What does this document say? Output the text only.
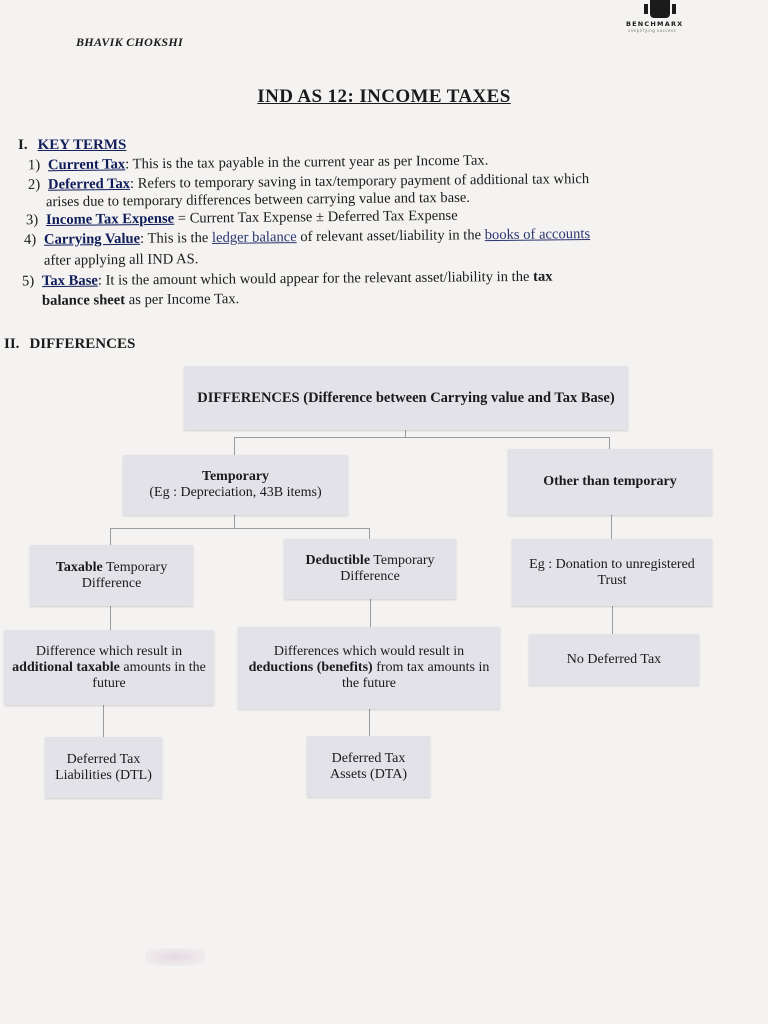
BHAVIK CHOKSHI
BENCHMARX
simplifying success
IND AS 12: INCOME TAXES
I. KEY TERMS
1) Current Tax: This is the tax payable in the current year as per Income Tax.
2) Deferred Tax: Refers to temporary saving in tax/temporary payment of additional tax which
arises due to temporary differences between carrying value and tax base.
3) Income Tax Expense = Current Tax Expense ± Deferred Tax Expense
4) Carrying Value: This is the ledger balance of relevant asset/liability in the books of accounts
after applying all IND AS.
5) Tax Base: It is the amount which would appear for the relevant asset/liability in the tax
balance sheet as per Income Tax.
II. DIFFERENCES
DIFFERENCES (Difference between Carrying value and Tax Base)
Temporary
(Eg : Depreciation, 43B items)
Other than temporary
Taxable Temporary Difference
Deductible Temporary Difference
Eg : Donation to unregistered Trust
Difference which result in
additional taxable amounts in the future
Differences which would result in
deductions (benefits) from tax amounts in the future
No Deferred Tax
Deferred Tax Liabilities (DTL)
Deferred Tax Assets (DTA)
